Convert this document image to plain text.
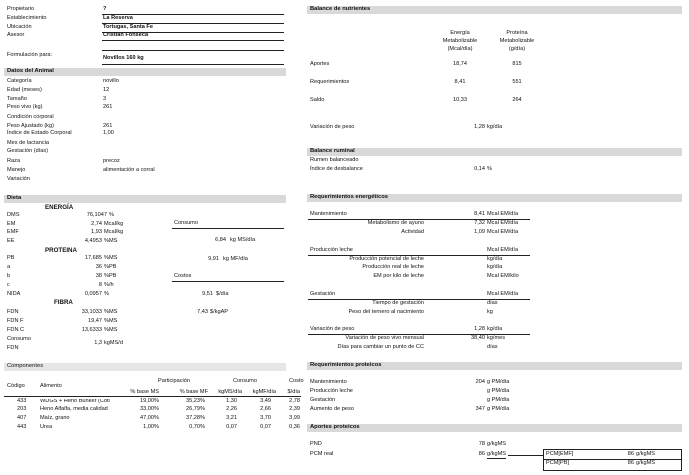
Propietario	?
Establecimiento	La Reserva
Ubicación	Tortugas, Santa Fe
Asesor	Cristian Fonseca
Formulación para:	Novillos 160 kg
Datos del Animal
Categoría	novillo
Edad (meses)	12
Tamaño	3
Peso vivo (kg)	261
Condición corporal
Peso Ajustado (kg)	261
Índice de Estado Corporal	1,00
Mes de lactancia
Gestación (días)
Raza	precoz
Manejo	alimentación a corral
Variación
Dieta
ENERGÍA
DMS	76,1047 %
EM	2,74 Mcal/kg
EMF	1,93 Mcal/kg
EE	4,4953 %MS
PROTEINA
PB	17,685 %MS
a	36 %PB
b	38 %PB
c	8 %/h
NIDA	0,0957 %
FIBRA
FDN	33,1033 %MS
FDN F	19,47 %MS
FDN C	13,6333 %MS
Consumo
1,3 kgMS/d
FDN
Consumo
6,84 kg MS/día
9,91 kg MF/día
Costos
9,51 $/día
7,43 $/kgAP
Componentes
Participación	Consumo	Costo
Código	Alimento
% base MS	% base MF	kgMS/día	kgMF/día	$/día
433 WDGS + Heno Bunker (Coti	19,00%	35,23%	1,30	3,49	2,78
203 Heno Alfalfa, media calidad	33,00%	26,79%	2,26	2,66	2,39
407 Maíz, grano	47,00%	37,28%	3,21	3,70	3,99
443 Urea	1,00%	0,70%	0,07	0,07	0,36
Balance de nutrientes
Energía
Metabolizable
(Mcal/día)
Proteína
Metabolizable
(g/día)
Aportes	18,74	815
Requerimientos	8,41	551
Saldo	10,33	264
Variación de peso	1,28 kg/día
Balance ruminal
Rumen balanceado
Índice de desbalance	0,14 %
Requerimientos energéticos
Mantenimiento	8,41 Mcal EM/día
Metabolismo de ayuno	7,32 Mcal EM/día
Actividad	1,09 Mcal EM/día
Producción leche	Mcal EM/día
Producción potencial de leche	kg/día
Producción real de leche	kg/día
EM por kilo de leche	Mcal EM/kilo
Gestación	Mcal EM/día
Tiempo de gestación	días
Peso del ternero al nacimiento	kg
Variación de peso	1,28 kg/día
Variación de peso vivo mensual	38,40 kg/mes
Días para cambiar un punto de CC	días
Requerimientos proteicos
Mantenimiento	204 g PM/día
Producción leche	g PM/día
Gestación	g PM/día
Aumento de peso	347 g PM/día
Aportes proteicos
PND	78 g/kgMS
PCM real	86 g/kgMS	PCM[EMF]	86 g/kgMS
PCM[PB]	86 g/kgMS
